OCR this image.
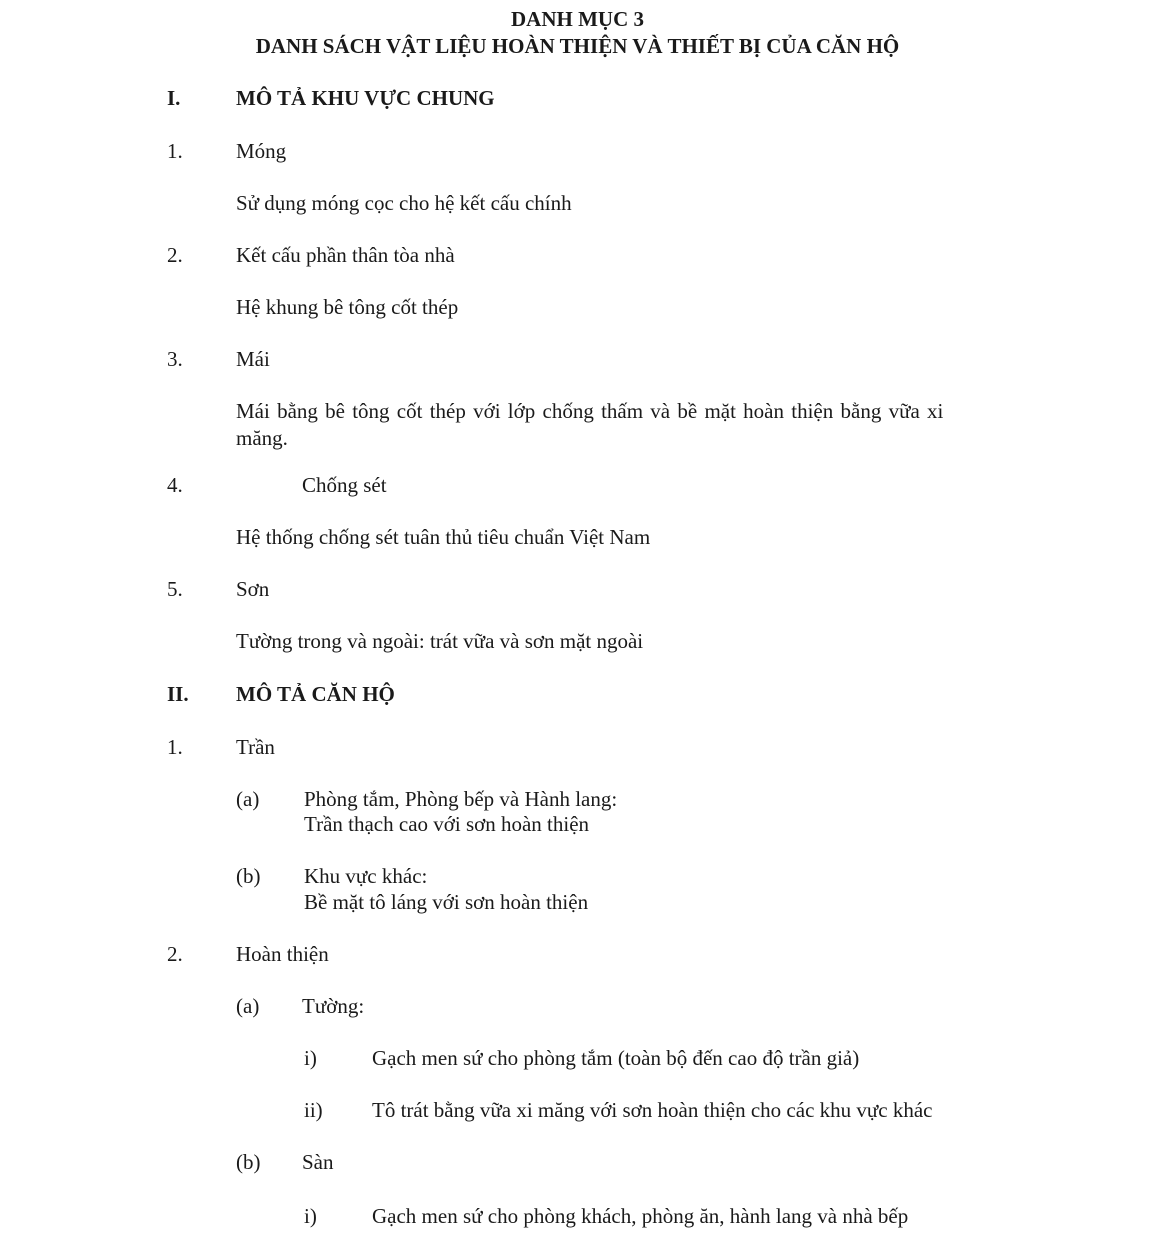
DANH MỤC 3
DANH SÁCH VẬT LIỆU HOÀN THIỆN VÀ THIẾT BỊ CỦA CĂN HỘ
I.	MÔ TẢ KHU VỰC CHUNG
1.	Móng
Sử dụng móng cọc cho hệ kết cấu chính
2.	Kết cấu phần thân tòa nhà
Hệ khung bê tông cốt thép
3.	Mái
Mái bằng bê tông cốt thép với lớp chống thấm và bề mặt hoàn thiện bằng vữa xi
măng.
4.	Chống sét
Hệ thống chống sét tuân thủ tiêu chuẩn Việt Nam
5.	Sơn
Tường trong và ngoài: trát vữa và sơn mặt ngoài
II. MÔ TẢ CĂN HỘ
1.	Trần
(a) Phòng tắm, Phòng bếp và Hành lang:
Trần thạch cao với sơn hoàn thiện
(b) Khu vực khác:
Bề mặt tô láng với sơn hoàn thiện
2.	Hoàn thiện
(a) Tường:
i)	Gạch men sứ cho phòng tắm (toàn bộ đến cao độ trần giả)
ii) Tô trát bằng vữa xi măng với sơn hoàn thiện cho các khu vực khác
(b) Sàn
i)	Gạch men sứ cho phòng khách, phòng ăn, hành lang và nhà bếp
